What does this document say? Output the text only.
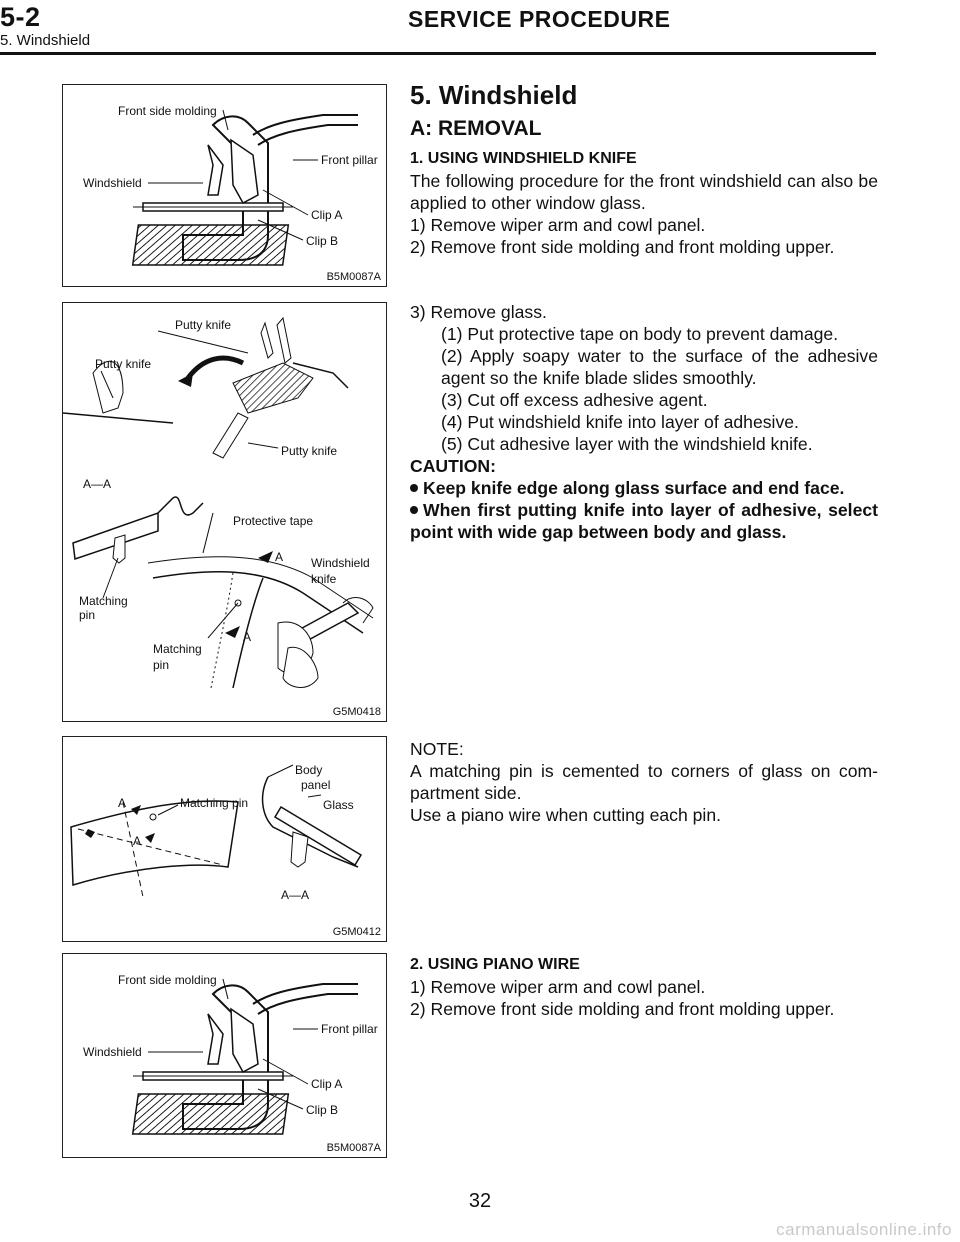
5-2	SERVICE PROCEDURE
5. Windshield
Front side molding
Windshield
Front pillar
Clip A
Clip B
B5M0087A
Putty knife
Putty knife
Putty knife
A—A
Protective tape
A Windshield
knife
Matching
pin
Matching
pin
A
G5M0418
A	Matching pin
A
Body
panel
Glass
A—A
G5M0412
Front side molding
Windshield
Front pillar
Clip A
Clip B
B5M0087A

5. Windshield

A: REMOVAL

1. USING WINDSHIELD KNIFE

The following procedure for the front windshield can also be applied to other window glass.

1) Remove wiper arm and cowl panel.

2) Remove front side molding and front molding upper.

3) Remove glass.

(1) Put protective tape on body to prevent damage.

(2) Apply soapy water to the surface of the adhesive agent so the knife blade slides smoothly.

(3) Cut off excess adhesive agent.

(4) Put windshield knife into layer of adhesive.

(5) Cut adhesive layer with the windshield knife.

CAUTION:

Keep knife edge along glass surface and end face.

When first putting knife into layer of adhesive, select point with wide gap between body and glass.

NOTE:

A matching pin is cemented to corners of glass on com- partment side.

Use a piano wire when cutting each pin.

2. USING PIANO WIRE

1) Remove wiper arm and cowl panel.

2) Remove front side molding and front molding upper.

32
carmanualsonline.info
